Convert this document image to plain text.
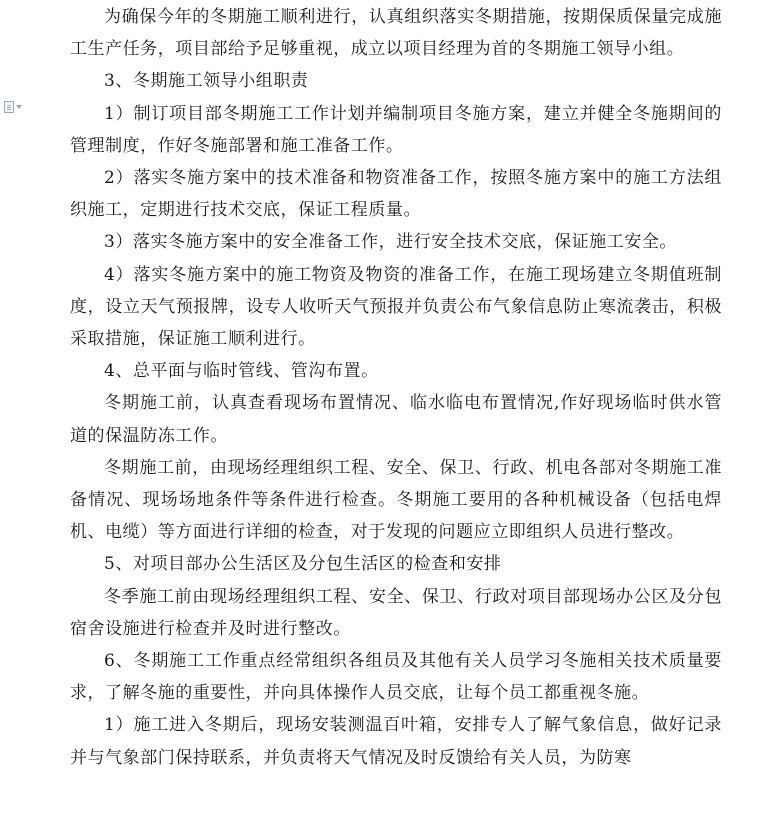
为确保今年的冬期施工顺利进行，认真组织落实冬期措施，按期保质保量完成施工生产任务，项目部给予足够重视，成立以项目经理为首的冬期施工领导小组。

3、冬期施工领导小组职责

1）制订项目部冬期施工工作计划并编制项目冬施方案，建立并健全冬施期间的管理制度，作好冬施部署和施工准备工作。

2）落实冬施方案中的技术准备和物资准备工作，按照冬施方案中的施工方法组织施工，定期进行技术交底，保证工程质量。

3）落实冬施方案中的安全准备工作，进行安全技术交底，保证施工安全。

4）落实冬施方案中的施工物资及物资的准备工作，在施工现场建立冬期值班制度，设立天气预报牌，设专人收听天气预报并负责公布气象信息防止寒流袭击，积极采取措施，保证施工顺利进行。

4、总平面与临时管线、管沟布置。

冬期施工前，认真查看现场布置情况、临水临电布置情况,作好现场临时供水管道的保温防冻工作。

冬期施工前，由现场经理组织工程、安全、保卫、行政、机电各部对冬期施工准备情况、现场场地条件等条件进行检查。冬期施工要用的各种机械设备（包括电焊机、电缆）等方面进行详细的检查，对于发现的问题应立即组织人员进行整改。

5、对项目部办公生活区及分包生活区的检查和安排

冬季施工前由现场经理组织工程、安全、保卫、行政对项目部现场办公区及分包宿舍设施进行检查并及时进行整改。

6、冬期施工工作重点经常组织各组员及其他有关人员学习冬施相关技术质量要求，了解冬施的重要性，并向具体操作人员交底，让每个员工都重视冬施。

1）施工进入冬期后，现场安装测温百叶箱，安排专人了解气象信息，做好记录并与气象部门保持联系，并负责将天气情况及时反馈给有关人员，为防寒
